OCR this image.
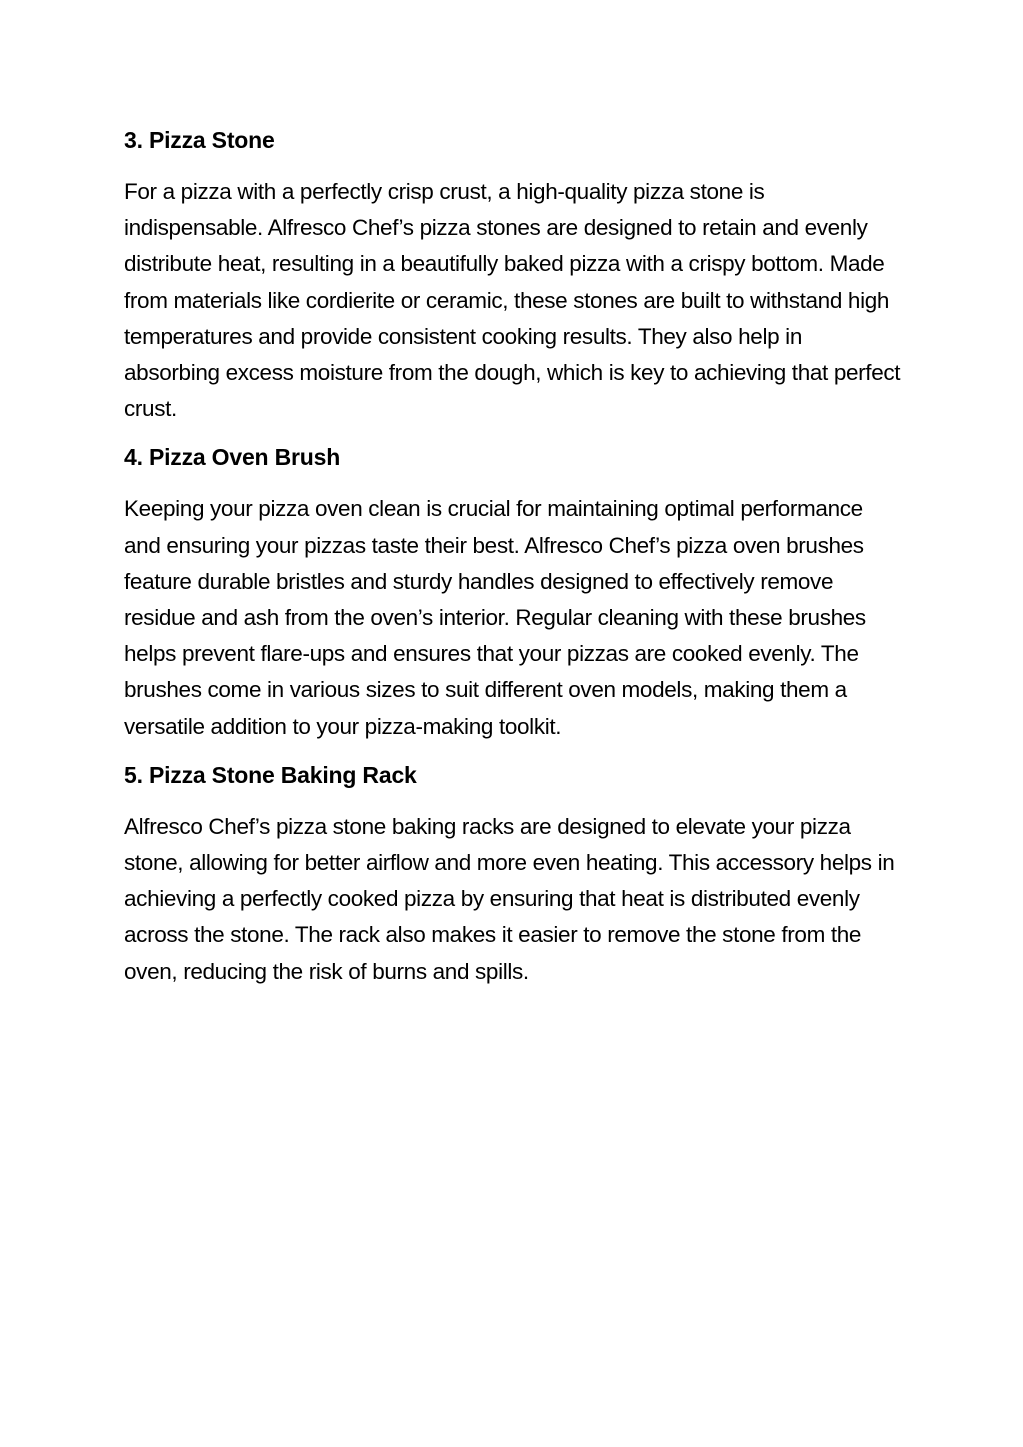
3. Pizza Stone

For a pizza with a perfectly crisp crust, a high-quality pizza stone is indispensable. Alfresco Chef’s pizza stones are designed to retain and evenly distribute heat, resulting in a beautifully baked pizza with a crispy bottom. Made from materials like cordierite or ceramic, these stones are built to withstand high temperatures and provide consistent cooking results. They also help in absorbing excess moisture from the dough, which is key to achieving that perfect crust.

4. Pizza Oven Brush

Keeping your pizza oven clean is crucial for maintaining optimal performance and ensuring your pizzas taste their best. Alfresco Chef’s pizza oven brushes feature durable bristles and sturdy handles designed to effectively remove residue and ash from the oven’s interior. Regular cleaning with these brushes helps prevent flare-ups and ensures that your pizzas are cooked evenly. The brushes come in various sizes to suit different oven models, making them a versatile addition to your pizza-making toolkit.

5. Pizza Stone Baking Rack

Alfresco Chef’s pizza stone baking racks are designed to elevate your pizza stone, allowing for better airflow and more even heating. This accessory helps in achieving a perfectly cooked pizza by ensuring that heat is distributed evenly across the stone. The rack also makes it easier to remove the stone from the oven, reducing the risk of burns and spills.
